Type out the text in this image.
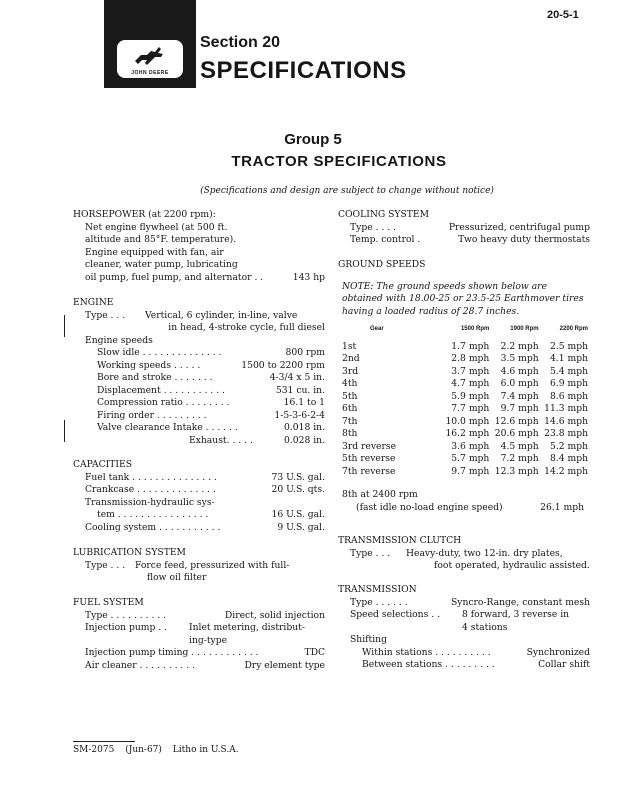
20-5-1
JOHN DEERE
Section 20
SPECIFICATIONS
Group 5
TRACTOR SPECIFICATIONS
(Specifications and design are subject to change without notice)
HORSEPOWER (at 2200 rpm):
Net engine flywheel (at 500 ft.
altitude and 85°F. temperature).
Engine equipped with fan, air
cleaner, water pump, lubricating
oil pump, fuel pump, and alternator . .	143 hp
ENGINE
Type . . .	Vertical, 6 cylinder, in-line, valve
in head, 4-stroke cycle, full diesel
Engine speeds
Slow idle . . . . . . . . . . . . . .	800 rpm
Working speeds . . . . .	1500 to 2200 rpm
Bore and stroke . . . . . . .	4-3/4 x 5 in.
Displacement . . . . . . . . . . .	531 cu. in.
Compression ratio . . . . . . . .	16.1 to 1
Firing order . . . . . . . . .	1-5-3-6-2-4
Valve clearance Intake . . . . . .	0.018 in.
Exhaust. . . . .	0.028 in.
CAPACITIES
Fuel tank . . . . . . . . . . . . . . .	73 U.S. gal.
Crankcase . . . . . . . . . . . . . .	20 U.S. qts.
Transmission-hydraulic sys-
tem . . . . . . . . . . . . . . . .	16 U.S. gal.
Cooling system . . . . . . . . . . .	9 U.S. gal.
LUBRICATION SYSTEM
Type . . .	Force feed, pressurized with full-
flow oil filter
FUEL SYSTEM
Type . . . . . . . . . .	Direct, solid injection
Injection pump . .	Inlet metering, distribut-
ing-type
Injection pump timing . . . . . . . . . . . .	TDC
Air cleaner . . . . . . . . . .	Dry element type
COOLING SYSTEM
Type . . . .	Pressurized, centrifugal pump
Temp. control .	Two heavy duty thermostats
GROUND SPEEDS
NOTE: The ground speeds shown below are obtained with 18.00-25 or 23.5-25 Earthmover tires having a loaded radius of 28.7 inches.
Gear	1500 Rpm	1900 Rpm	2200 Rpm
1st	1.7 mph	2.2 mph	2.5 mph
2nd	2.8 mph	3.5 mph	4.1 mph
3rd	3.7 mph	4.6 mph	5.4 mph
4th	4.7 mph	6.0 mph	6.9 mph
5th	5.9 mph	7.4 mph	8.6 mph
6th	7.7 mph	9.7 mph	11.3 mph
7th	10.0 mph	12.6 mph	14.6 mph
8th	16.2 mph	20.6 mph	23.8 mph
3rd reverse	3.6 mph	4.5 mph	5.2 mph
5th reverse	5.7 mph	7.2 mph	8.4 mph
7th reverse	9.7 mph	12.3 mph	14.2 mph
8th at 2400 rpm
(fast idle no-load engine speed)	26.1 mph
TRANSMISSION CLUTCH
Type . . .	Heavy-duty, two 12-in. dry plates,
foot operated, hydraulic assisted.
TRANSMISSION
Type . . . . . .	Syncro-Range, constant mesh
Speed selections . .	8 forward, 3 reverse in
4 stations
Shifting
Within stations . . . . . . . . . .	Synchronized
Between stations . . . . . . . . .	Collar shift
SM-2075 (Jun-67) Litho in U.S.A.
